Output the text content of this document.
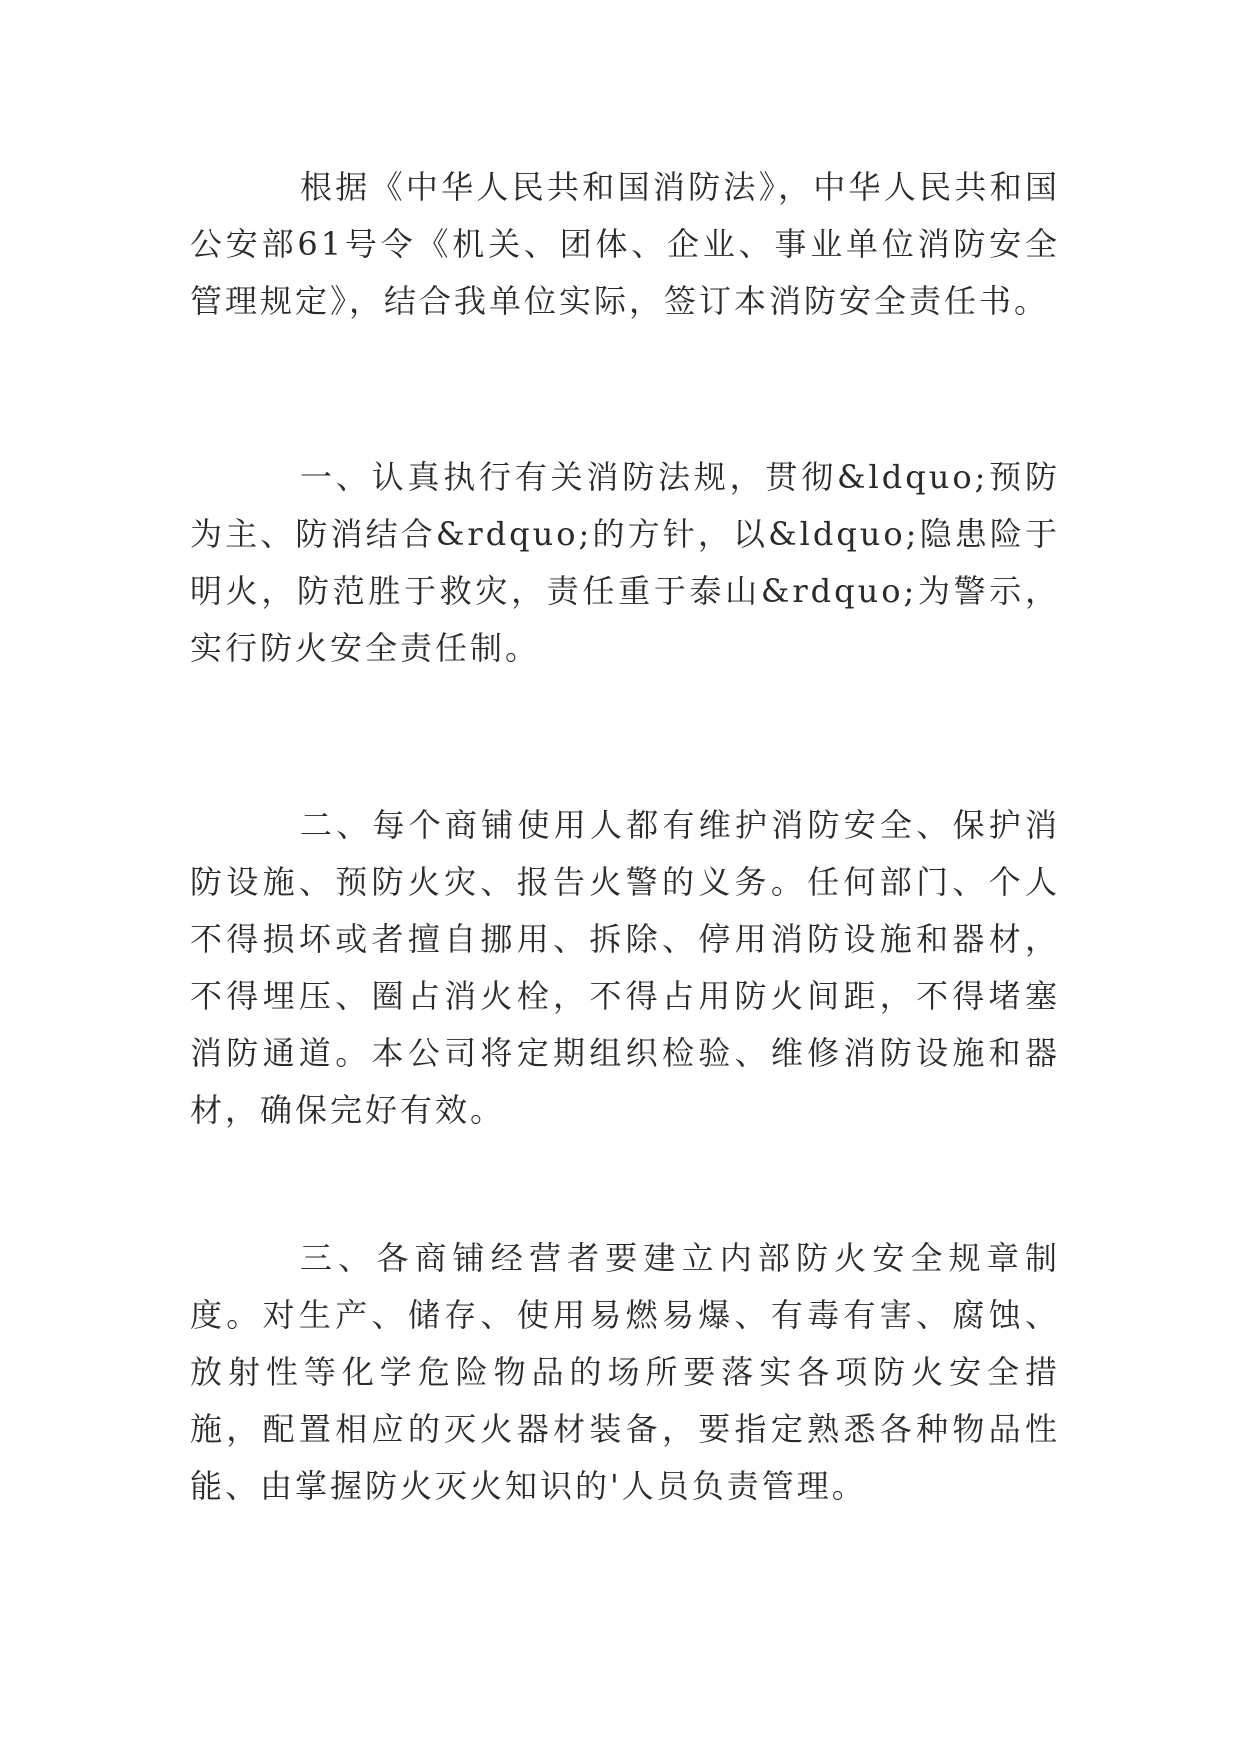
根据《中华人民共和国消防法》，中华人民共和国公安部61号令《机关、团体、企业、事业单位消防安全管理规定》，结合我单位实际，签订本消防安全责任书。

一、认真执行有关消防法规，贯彻&ldquo;预防为主、防消结合&rdquo;的方针，以&ldquo;隐患险于明火，防范胜于救灾，责任重于泰山&rdquo;为警示，实行防火安全责任制。

二、每个商铺使用人都有维护消防安全、保护消防设施、预防火灾、报告火警的义务。任何部门、个人不得损坏或者擅自挪用、拆除、停用消防设施和器材，不得埋压、圈占消火栓，不得占用防火间距，不得堵塞消防通道。本公司将定期组织检验、维修消防设施和器材，确保完好有效。

三、各商铺经营者要建立内部防火安全规章制度。对生产、储存、使用易燃易爆、有毒有害、腐蚀、放射性等化学危险物品的场所要落实各项防火安全措施，配置相应的灭火器材装备，要指定熟悉各种物品性能、由掌握防火灭火知识的'人员负责管理。
